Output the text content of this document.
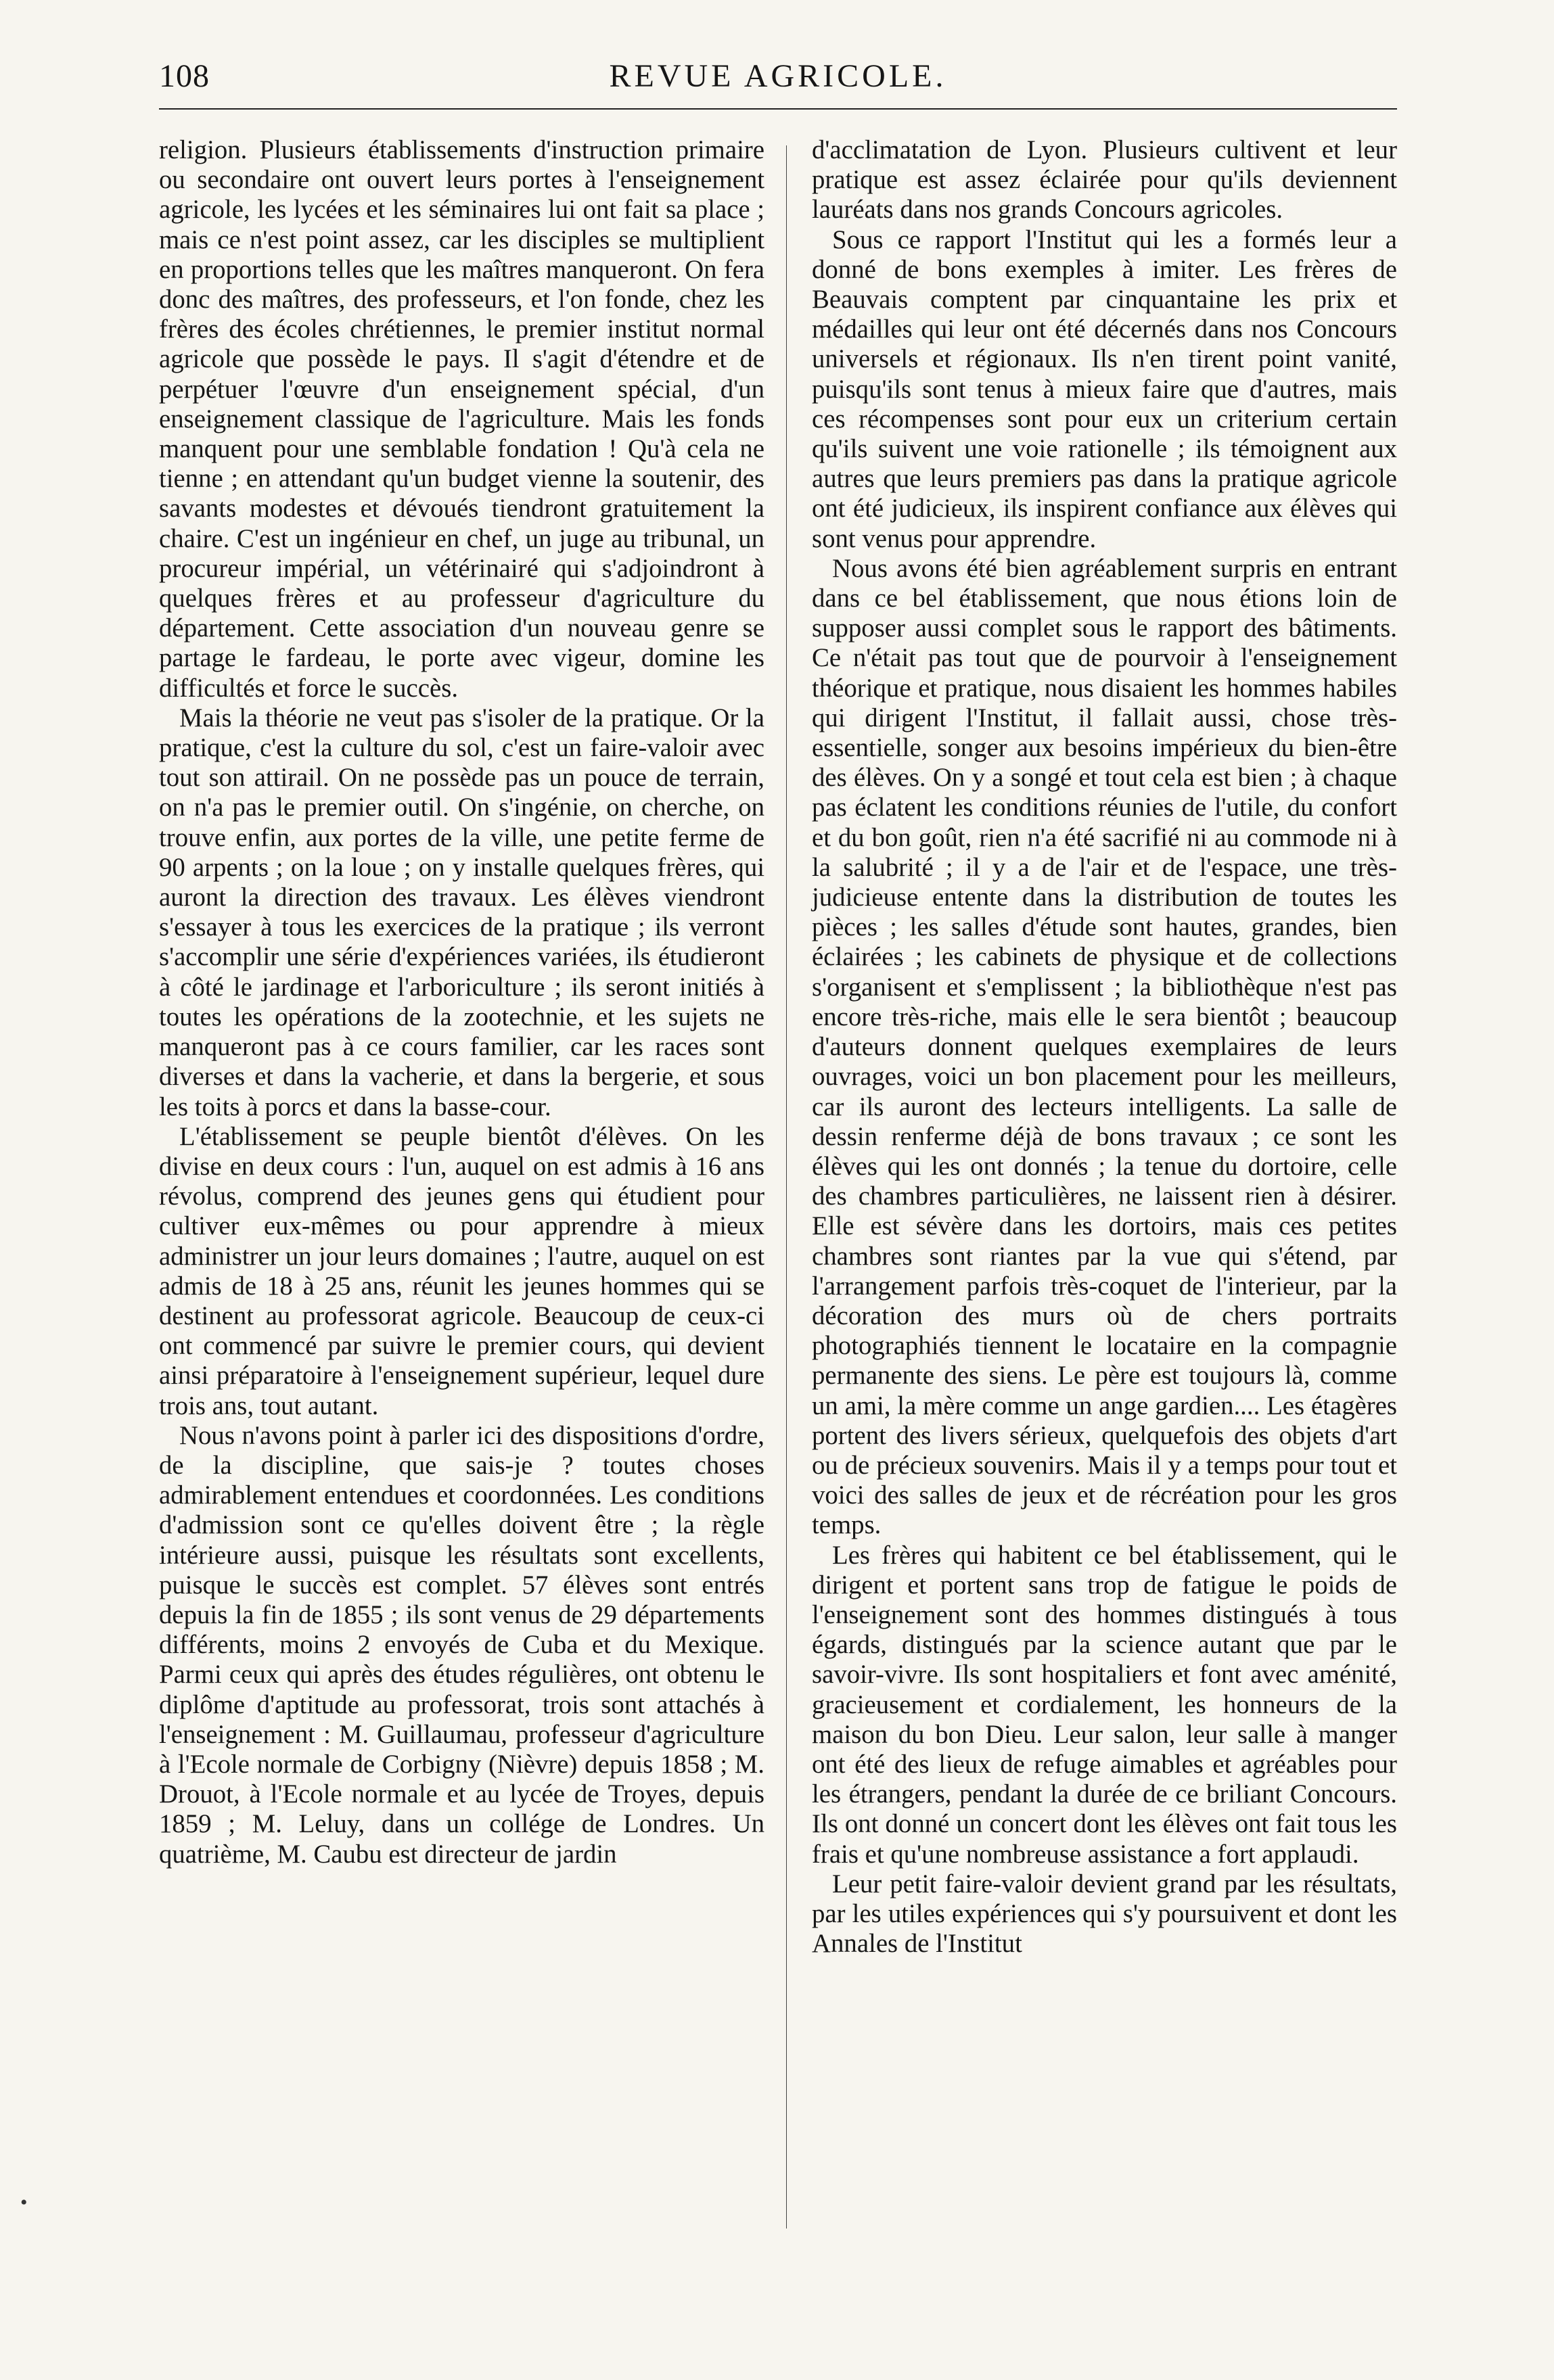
108	REVUE AGRICOLE.

religion. Plusieurs établissements d'instruction primaire ou secondaire ont ouvert leurs portes à l'enseignement agricole, les lycées et les séminaires lui ont fait sa place ; mais ce n'est point assez, car les disciples se multiplient en proportions telles que les maîtres manqueront. On fera donc des maîtres, des professeurs, et l'on fonde, chez les frères des écoles chrétiennes, le premier institut normal agricole que possède le pays. Il s'agit d'étendre et de perpétuer l'œuvre d'un enseignement spécial, d'un enseignement classique de l'agriculture. Mais les fonds manquent pour une semblable fondation ! Qu'à cela ne tienne ; en attendant qu'un budget vienne la soutenir, des savants modestes et dévoués tiendront gratuitement la chaire. C'est un ingénieur en chef, un juge au tribunal, un procureur impérial, un vétérinairé qui s'adjoindront à quelques frères et au professeur d'agriculture du département. Cette association d'un nouveau genre se partage le fardeau, le porte avec vigeur, domine les difficultés et force le succès.

Mais la théorie ne veut pas s'isoler de la pratique. Or la pratique, c'est la culture du sol, c'est un faire-valoir avec tout son attirail. On ne possède pas un pouce de terrain, on n'a pas le premier outil. On s'ingénie, on cherche, on trouve enfin, aux portes de la ville, une petite ferme de 90 arpents ; on la loue ; on y installe quelques frères, qui auront la direction des travaux. Les élèves viendront s'essayer à tous les exercices de la pratique ; ils verront s'accomplir une série d'expériences variées, ils étudieront à côté le jardinage et l'arboriculture ; ils seront initiés à toutes les opérations de la zootechnie, et les sujets ne manqueront pas à ce cours familier, car les races sont diverses et dans la vacherie, et dans la bergerie, et sous les toits à porcs et dans la basse-cour.

L'établissement se peuple bientôt d'élèves. On les divise en deux cours : l'un, auquel on est admis à 16 ans révolus, comprend des jeunes gens qui étudient pour cultiver eux-mêmes ou pour apprendre à mieux administrer un jour leurs domaines ; l'autre, auquel on est admis de 18 à 25 ans, réunit les jeunes hommes qui se destinent au professorat agricole. Beaucoup de ceux-ci ont commencé par suivre le premier cours, qui devient ainsi préparatoire à l'enseignement supérieur, lequel dure trois ans, tout autant.

Nous n'avons point à parler ici des dispositions d'ordre, de la discipline, que sais-je ? toutes choses admirablement entendues et coordonnées. Les conditions d'admission sont ce qu'elles doivent être ; la règle intérieure aussi, puisque les résultats sont excellents, puisque le succès est complet. 57 élèves sont entrés depuis la fin de 1855 ; ils sont venus de 29 départements différents, moins 2 envoyés de Cuba et du Mexique. Parmi ceux qui après des études régulières, ont obtenu le diplôme d'aptitude au professorat, trois sont attachés à l'enseignement : M. Guillaumau, professeur d'agriculture à l'Ecole normale de Corbigny (Nièvre) depuis 1858 ; M. Drouot, à l'Ecole normale et au lycée de Troyes, depuis 1859 ; M. Leluy, dans un collége de Londres. Un quatrième, M. Caubu est directeur de jardin

d'acclimatation de Lyon. Plusieurs cultivent et leur pratique est assez éclairée pour qu'ils deviennent lauréats dans nos grands Concours agricoles.

Sous ce rapport l'Institut qui les a formés leur a donné de bons exemples à imiter. Les frères de Beauvais comptent par cinquantaine les prix et médailles qui leur ont été décernés dans nos Concours universels et régionaux. Ils n'en tirent point vanité, puisqu'ils sont tenus à mieux faire que d'autres, mais ces récompenses sont pour eux un criterium certain qu'ils suivent une voie rationelle ; ils témoignent aux autres que leurs premiers pas dans la pratique agricole ont été judicieux, ils inspirent confiance aux élèves qui sont venus pour apprendre.

Nous avons été bien agréablement surpris en entrant dans ce bel établissement, que nous étions loin de supposer aussi complet sous le rapport des bâtiments. Ce n'était pas tout que de pourvoir à l'enseignement théorique et pratique, nous disaient les hommes habiles qui dirigent l'Institut, il fallait aussi, chose très-essentielle, songer aux besoins impérieux du bien-être des élèves. On y a songé et tout cela est bien ; à chaque pas éclatent les conditions réunies de l'utile, du confort et du bon goût, rien n'a été sacrifié ni au commode ni à la salubrité ; il y a de l'air et de l'espace, une très-judicieuse entente dans la distribution de toutes les pièces ; les salles d'étude sont hautes, grandes, bien éclairées ; les cabinets de physique et de collections s'organisent et s'emplissent ; la bibliothèque n'est pas encore très-riche, mais elle le sera bientôt ; beaucoup d'auteurs donnent quelques exemplaires de leurs ouvrages, voici un bon placement pour les meilleurs, car ils auront des lecteurs intelligents. La salle de dessin renferme déjà de bons travaux ; ce sont les élèves qui les ont donnés ; la tenue du dortoire, celle des chambres particulières, ne laissent rien à désirer. Elle est sévère dans les dortoirs, mais ces petites chambres sont riantes par la vue qui s'étend, par l'arrangement parfois très-coquet de l'interieur, par la décoration des murs où de chers portraits photographiés tiennent le locataire en la compagnie permanente des siens. Le père est toujours là, comme un ami, la mère comme un ange gardien.... Les étagères portent des livers sérieux, quelquefois des objets d'art ou de précieux souvenirs. Mais il y a temps pour tout et voici des salles de jeux et de récréation pour les gros temps.

Les frères qui habitent ce bel établissement, qui le dirigent et portent sans trop de fatigue le poids de l'enseignement sont des hommes distingués à tous égards, distingués par la science autant que par le savoir-vivre. Ils sont hospitaliers et font avec aménité, gracieusement et cordialement, les honneurs de la maison du bon Dieu. Leur salon, leur salle à manger ont été des lieux de refuge aimables et agréables pour les étrangers, pendant la durée de ce briliant Concours. Ils ont donné un concert dont les élèves ont fait tous les frais et qu'une nombreuse assistance a fort applaudi.

Leur petit faire-valoir devient grand par les résultats, par les utiles expériences qui s'y poursuivent et dont les Annales de l'Institut

•
